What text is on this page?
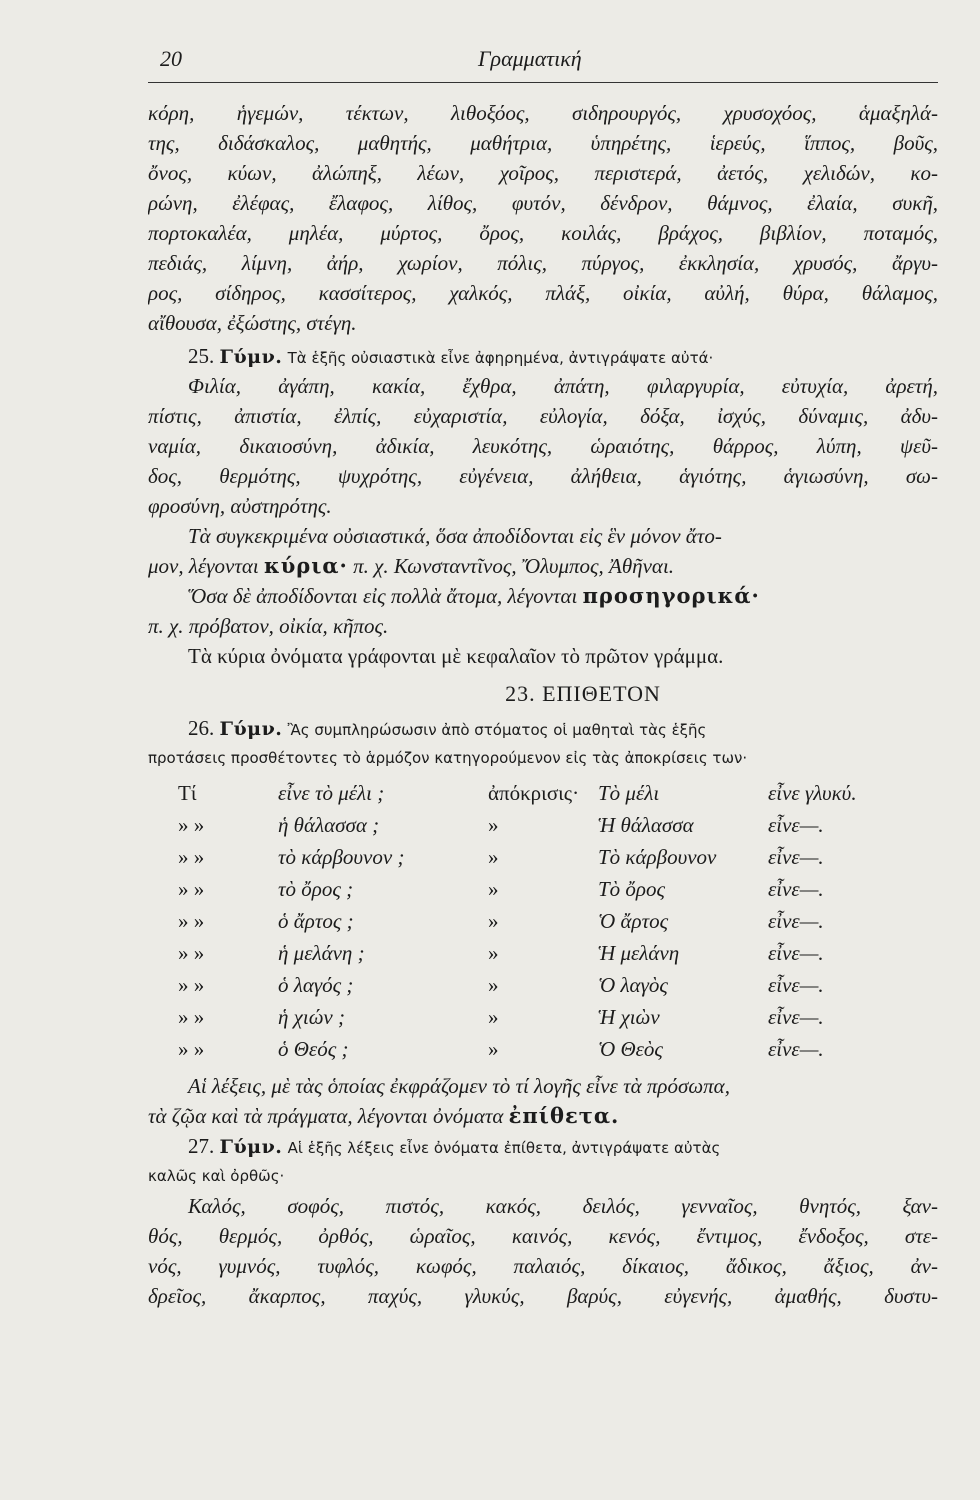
20	Γραμματική
κόρη, ἡγεμών, τέκτων, λιθοξόος, σιδηρουργός, χρυσοχόος, ἁμαξηλά-
της, διδάσκαλος, μαθητής, μαθήτρια, ὑπηρέτης, ἱερεύς, ἵππος, βοῦς,
ὄνος, κύων, ἀλώπηξ, λέων, χοῖρος, περιστερά, ἀετός, χελιδών, κο-
ρώνη, ἐλέφας, ἔλαφος, λίθος, φυτόν, δένδρον, θάμνος, ἐλαία, συκῆ,
πορτοκαλέα, μηλέα, μύρτος, ὄρος, κοιλάς, βράχος, βιβλίον, ποταμός,
πεδιάς, λίμνη, ἀήρ, χωρίον, πόλις, πύργος, ἐκκλησία, χρυσός, ἄργυ-
ρος, σίδηρος, κασσίτερος, χαλκός, πλάξ, οἰκία, αὐλή, θύρα, θάλαμος,
αἴθουσα, ἐξώστης, στέγη.
25. Γύμν. Τὰ ἑξῆς οὐσιαστικὰ εἶνε ἀφηρημένα, ἀντιγράψατε αὐτά·
Φιλία, ἀγάπη, κακία, ἔχθρα, ἀπάτη, φιλαργυρία, εὐτυχία, ἀρετή,
πίστις, ἀπιστία, ἐλπίς, εὐχαριστία, εὐλογία, δόξα, ἰσχύς, δύναμις, ἀδυ-
ναμία, δικαιοσύνη, ἀδικία, λευκότης, ὡραιότης, θάρρος, λύπη, ψεῦ-
δος, θερμότης, ψυχρότης, εὐγένεια, ἀλήθεια, ἁγιότης, ἁγιωσύνη, σω-
φροσύνη, αὐστηρότης.
Τὰ συγκεκριμένα οὐσιαστικά, ὅσα ἀποδίδονται εἰς ἓν μόνον ἄτο-
μον, λέγονται κύρια· π. χ. Κωνσταντῖνος, Ὄλυμπος, Ἀθῆναι.
Ὅσα δὲ ἀποδίδονται εἰς πολλὰ ἄτομα, λέγονται προσηγορικά·
π. χ. πρόβατον, οἰκία, κῆπος.
Τὰ κύρια ὀνόματα γράφονται μὲ κεφαλαῖον τὸ πρῶτον γράμμα.
23. ΕΠΙΘΕΤΟΝ
26. Γύμν. Ἂς συμπληρώσωσιν ἀπὸ στόματος οἱ μαθηταὶ τὰς ἑξῆς
προτάσεις προσθέτοντες τὸ ἁρμόζον κατηγορούμενον εἰς τὰς ἀποκρίσεις των·
Τί	εἶνε τὸ μέλι ;	ἀπόκρισις·	Τὸ μέλι	εἶνε γλυκύ.
» »	ἡ θάλασσα ;	»	Ἡ θάλασσα	εἶνε—.
» »	τὸ κάρβουνον ;	»	Τὸ κάρβουνον	εἶνε—.
» »	τὸ ὄρος ;	»	Τὸ ὄρος	εἶνε—.
» »	ὁ ἄρτος ;	»	Ὁ ἄρτος	εἶνε—.
» »	ἡ μελάνη ;	»	Ἡ μελάνη	εἶνε—.
» »	ὁ λαγός ;	»	Ὁ λαγὸς	εἶνε—.
» »	ἡ χιών ;	»	Ἡ χιὼν	εἶνε—.
» »	ὁ Θεός ;	»	Ὁ Θεὸς	εἶνε—.
Αἱ λέξεις, μὲ τὰς ὁποίας ἐκφράζομεν τὸ τί λογῆς εἶνε τὰ πρόσωπα,
τὰ ζῷα καὶ τὰ πράγματα, λέγονται ὀνόματα ἐπίθετα.
27. Γύμν. Αἱ ἑξῆς λέξεις εἶνε ὀνόματα ἐπίθετα, ἀντιγράψατε αὐτὰς
καλῶς καὶ ὀρθῶς·
Καλός, σοφός, πιστός, κακός, δειλός, γενναῖος, θνητός, ξαν-
θός, θερμός, ὀρθός, ὡραῖος, καινός, κενός, ἔντιμος, ἔνδοξος, στε-
νός, γυμνός, τυφλός, κωφός, παλαιός, δίκαιος, ἄδικος, ἄξιος, ἀν-
δρεῖος, ἄκαρπος, παχύς, γλυκύς, βαρύς, εὐγενής, ἀμαθής, δυστυ-
